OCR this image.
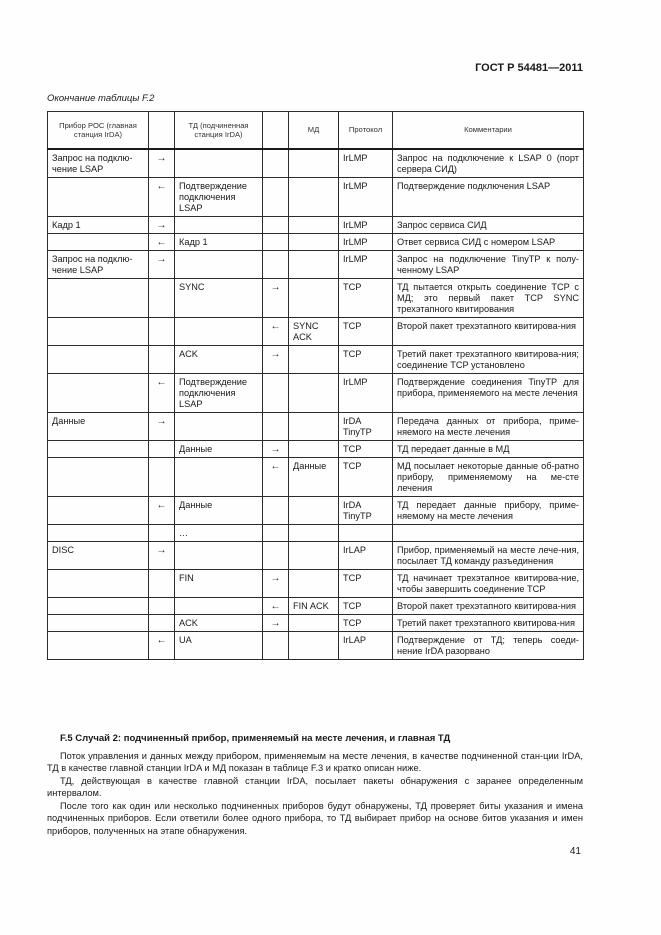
ГОСТ Р 54481—2011
Окончание таблицы F.2
Прибор POC (главная станция IrDA)		ТД (подчиненная станция IrDA)		МД	Протокол	Комментарии
Запрос на подклю-чение LSAP	→				IrLMP	Запрос на подключение к LSAP 0 (порт сервера СИД)
	←	Подтверждение подключения LSAP			IrLMP	Подтверждение подключения LSAP
Кадр 1	→				IrLMP	Запрос сервиса СИД
	←	Кадр 1			IrLMP	Ответ сервиса СИД с номером LSAP
Запрос на подклю-чение LSAP	→				IrLMP	Запрос на подключение TinyTP к полу-ченному LSAP
		SYNC	→		TCP	ТД пытается открыть соединение TCP с МД; это первый пакет TCP SYNC трехэтапного квитирования
			←	SYNC ACK	TCP	Второй пакет трехэтапного квитирова-ния
		ACK	→		TCP	Третий пакет трехэтапного квитирова-ния; соединение TCP установлено
	←	Подтверждение подключения LSAP			IrLMP	Подтверждение соединения TinyTP для прибора, применяемого на месте лечения
Данные	→				IrDA TinyTP	Передача данных от прибора, приме-няемого на месте лечения
		Данные	→		TCP	ТД передает данные в МД
			←	Данные	TCP	МД посылает некоторые данные об-ратно прибору, применяемому на ме-сте лечения
	←	Данные			IrDA TinyTP	ТД передает данные прибору, приме-няемому на месте лечения
		…				
DISC	→				IrLAP	Прибор, применяемый на месте лече-ния, посылает ТД команду разъединения
		FIN	→		TCP	ТД начинает трехэтапное квитирова-ние, чтобы завершить соединение TCP
			←	FIN ACK	TCP	Второй пакет трехэтапного квитирова-ния
		ACK	→		TCP	Третий пакет трехэтапного квитирова-ния
	←	UA			IrLAP	Подтверждение от ТД; теперь соеди-нение IrDA разорвано
F.5 Случай 2: подчиненный прибор, применяемый на месте лечения, и главная ТД
Поток управления и данных между прибором, применяемым на месте лечения, в качестве подчиненной стан-ции IrDA, ТД в качестве главной станции IrDA и МД показан в таблице F.3 и кратко описан ниже.
ТД, действующая в качестве главной станции IrDA, посылает пакеты обнаружения с заранее определенным интервалом.
После того как один или несколько подчиненных приборов будут обнаружены, ТД проверяет биты указания и имена подчиненных приборов. Если ответили более одного прибора, то ТД выбирает прибор на основе битов указания и имен приборов, полученных на этапе обнаружения.
41
